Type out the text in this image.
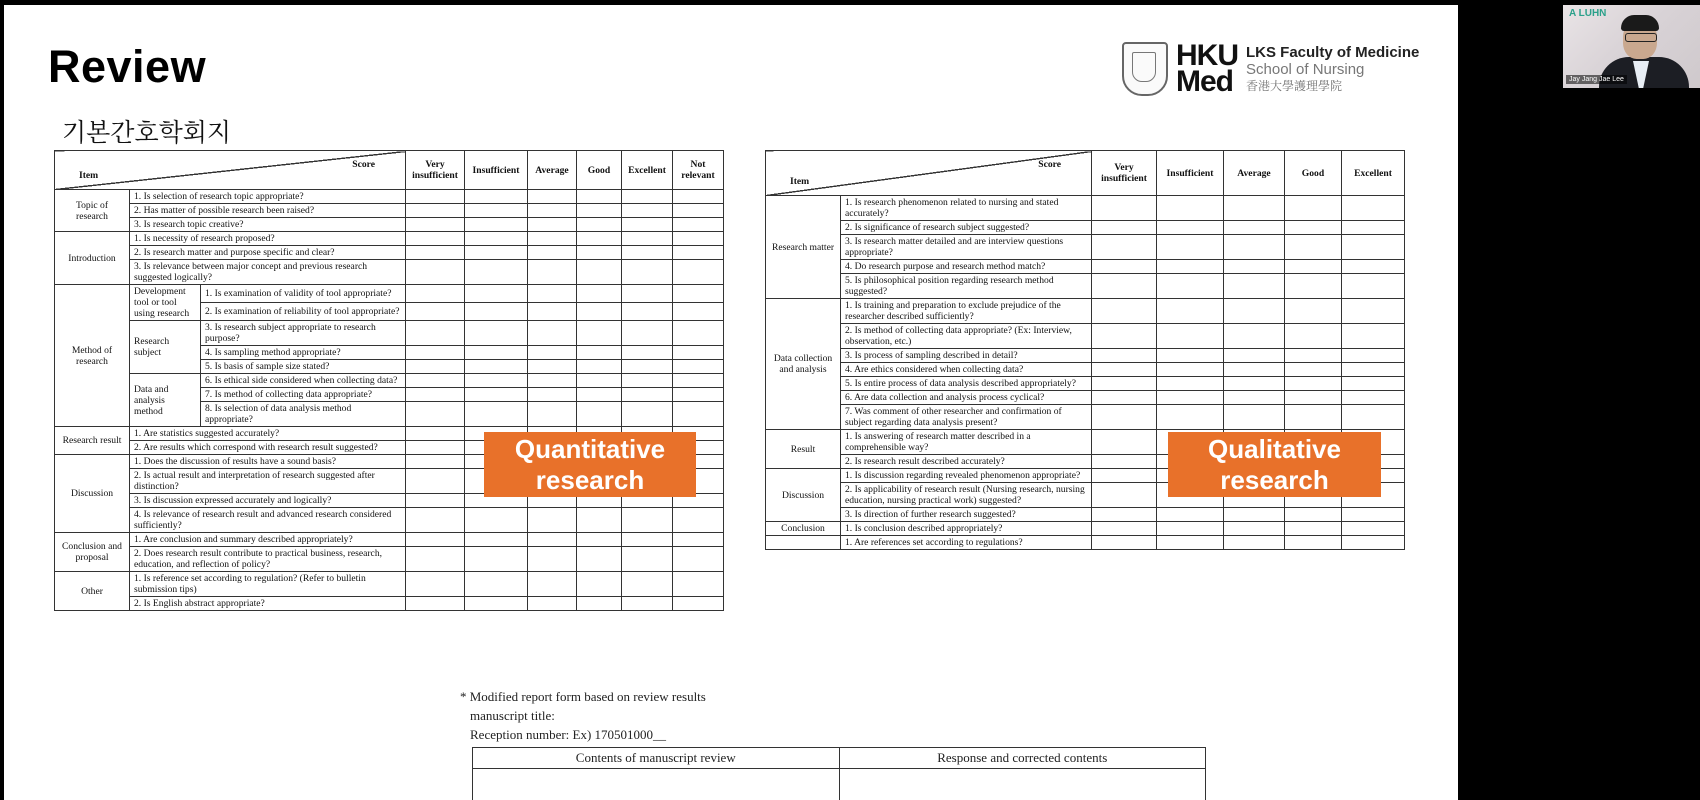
Review
기본간호학회지
HKU
Med
LKS Faculty of Medicine
School of Nursing
香港大學護理學院
Score
Item			Very insufficient	Insufficient	Average	Good	Excellent	Not relevant
Topic of research	1. Is selection of research topic appropriate?							
	2. Has matter of possible research been raised?							
	3. Is research topic creative?							
Introduction	1. Is necessity of research proposed?							
	2. Is research matter and purpose specific and clear?							
	3. Is relevance between major concept and previous research suggested logically?							
Method of research	Development tool or tool using research	1. Is examination of validity of tool appropriate?						
		2. Is examination of reliability of tool appropriate?						
	Research subject	3. Is research subject appropriate to research purpose?						
		4. Is sampling method appropriate?						
		5. Is basis of sample size stated?						
	Data and analysis method	6. Is ethical side considered when collecting data?						
		7. Is method of collecting data appropriate?						
		8. Is selection of data analysis method appropriate?						
Research result	1. Are statistics suggested accurately?							
	2. Are results which correspond with research result suggested?							
Discussion	1. Does the discussion of results have a sound basis?							
	2. Is actual result and interpretation of research suggested after distinction?							
	3. Is discussion expressed accurately and logically?							
	4. Is relevance of research result and advanced research considered sufficiently?							
Conclusion and proposal	1. Are conclusion and summary described appropriately?							
	2. Does research result contribute to practical business, research, education, and reflection of policy?							
Other	1. Is reference set according to regulation? (Refer to bulletin submission tips)							
	2. Is English abstract appropriate?							
Score
Item		Very insufficient	Insufficient	Average	Good	Excellent
Research matter	1. Is research phenomenon related to nursing and stated accurately?					
	2. Is significance of research subject suggested?					
	3. Is research matter detailed and are interview questions appropriate?					
	4. Do research purpose and research method match?					
	5. Is philosophical position regarding research method suggested?					
Data collection and analysis	1. Is training and preparation to exclude prejudice of the researcher described sufficiently?					
	2. Is method of collecting data appropriate? (Ex: Interview, observation, etc.)					
	3. Is process of sampling described in detail?					
	4. Are ethics considered when collecting data?					
	5. Is entire process of data analysis described appropriately?					
	6. Are data collection and analysis process cyclical?					
	7. Was comment of other researcher and confirmation of subject regarding data analysis present?					
Result	1. Is answering of research matter described in a comprehensible way?					
	2. Is research result described accurately?					
Discussion	1. Is discussion regarding revealed phenomenon appropriate?					
	2. Is applicability of research result (Nursing research, nursing education, nursing practical work) suggested?					
	3. Is direction of further research suggested?					
Conclusion	1. Is conclusion described appropriately?					
	1. Are references set according to regulations?					
Quantitative research
Qualitative research
* Modified report form based on review results
manuscript title:
Reception number: Ex) 170501000__
Contents of manuscript review	Response and corrected contents

A LUHN
Jay Jang Jae Lee
